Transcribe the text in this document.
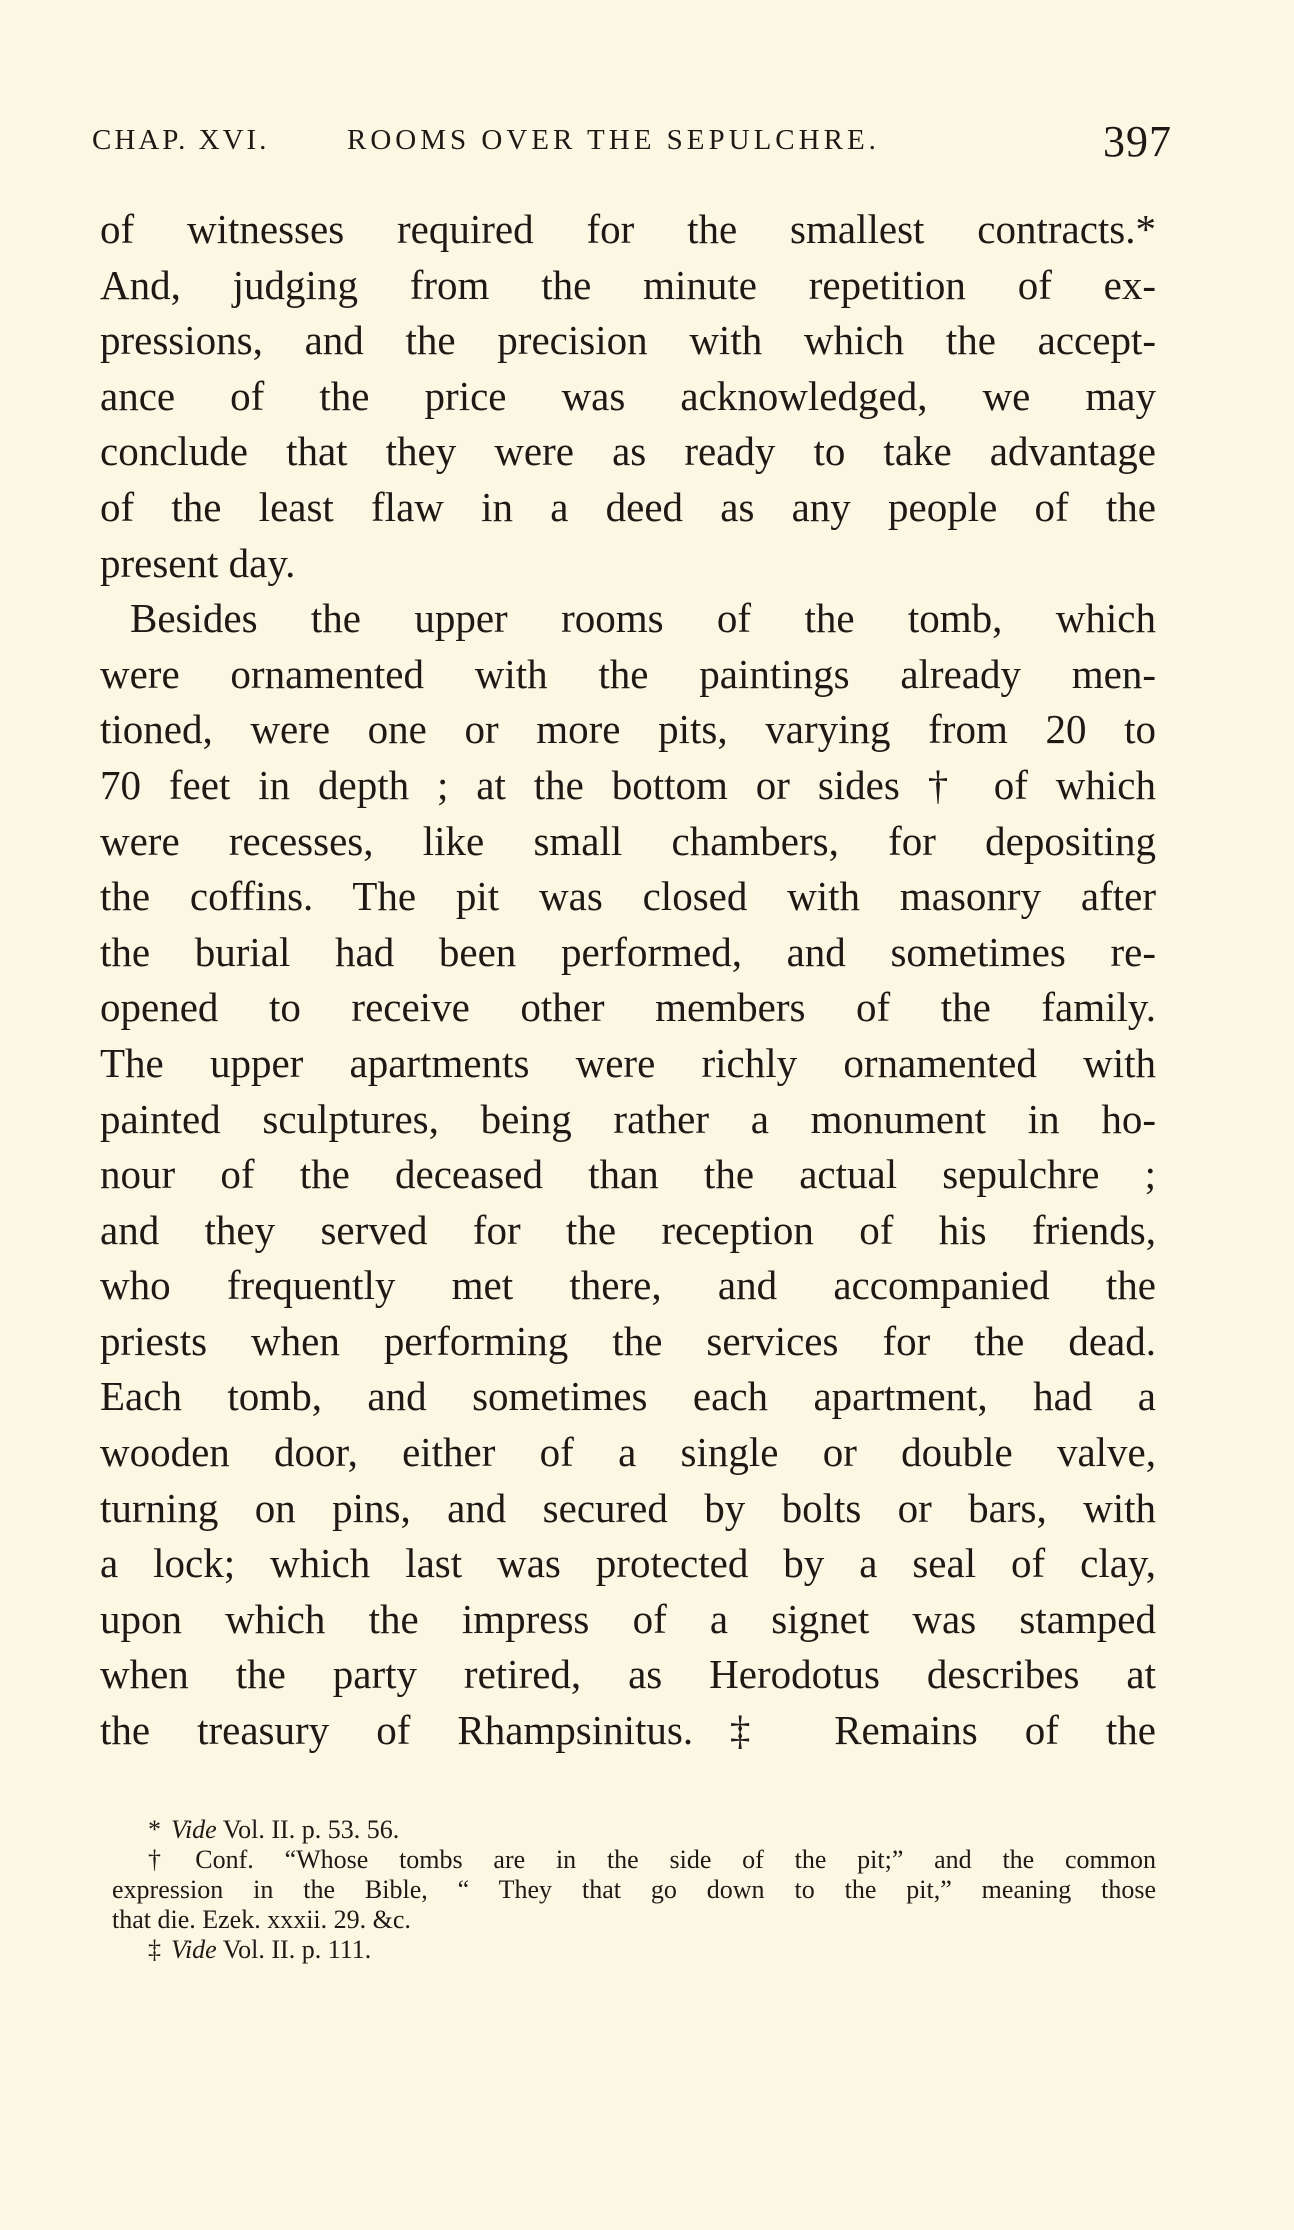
CHAP. XVI.	ROOMS OVER THE SEPULCHRE.	397
of witnesses required for the smallest contracts.*
And, judging from the minute repetition of ex-
pressions, and the precision with which the accept-
ance of the price was acknowledged, we may
conclude that they were as ready to take advantage
of the least flaw in a deed as any people of the
present day.
Besides the upper rooms of the tomb, which
were ornamented with the paintings already men-
tioned, were one or more pits, varying from 20 to
70 feet in depth ; at the bottom or sides † of which
were recesses, like small chambers, for depositing
the coffins. The pit was closed with masonry after
the burial had been performed, and sometimes re-
opened to receive other members of the family.
The upper apartments were richly ornamented with
painted sculptures, being rather a monument in ho-
nour of the deceased than the actual sepulchre ;
and they served for the reception of his friends,
who frequently met there, and accompanied the
priests when performing the services for the dead.
Each tomb, and sometimes each apartment, had a
wooden door, either of a single or double valve,
turning on pins, and secured by bolts or bars, with
a lock; which last was protected by a seal of clay,
upon which the impress of a signet was stamped
when the party retired, as Herodotus describes at
the treasury of Rhampsinitus.‡ Remains of the
* Vide Vol. II. p. 53. 56.
† Conf. “Whose tombs are in the side of the pit;” and the common
expression in the Bible, “ They that go down to the pit,” meaning those
that die. Ezek. xxxii. 29. &c.
‡ Vide Vol. II. p. 111.
